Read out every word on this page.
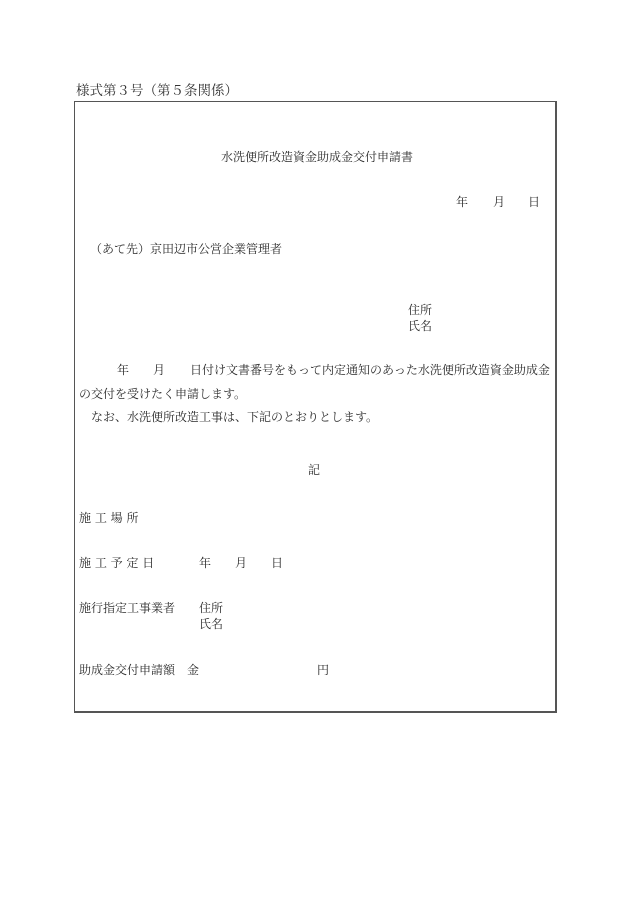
様式第３号（第５条関係）
水洗便所改造資金助成金交付申請書
年 月 日
（あて先）京田辺市公営企業管理者
住所
氏名
年 月 日付け文書番号をもって内定通知のあった水洗便所改造資金助成金
の交付を受けたく申請します。
なお、水洗便所改造工事は、下記のとおりとします。
記
施 工 場 所
施 工 予 定 日	年 月 日
施行指定工事業者 住所
氏名
助成金交付申請額 金	円
